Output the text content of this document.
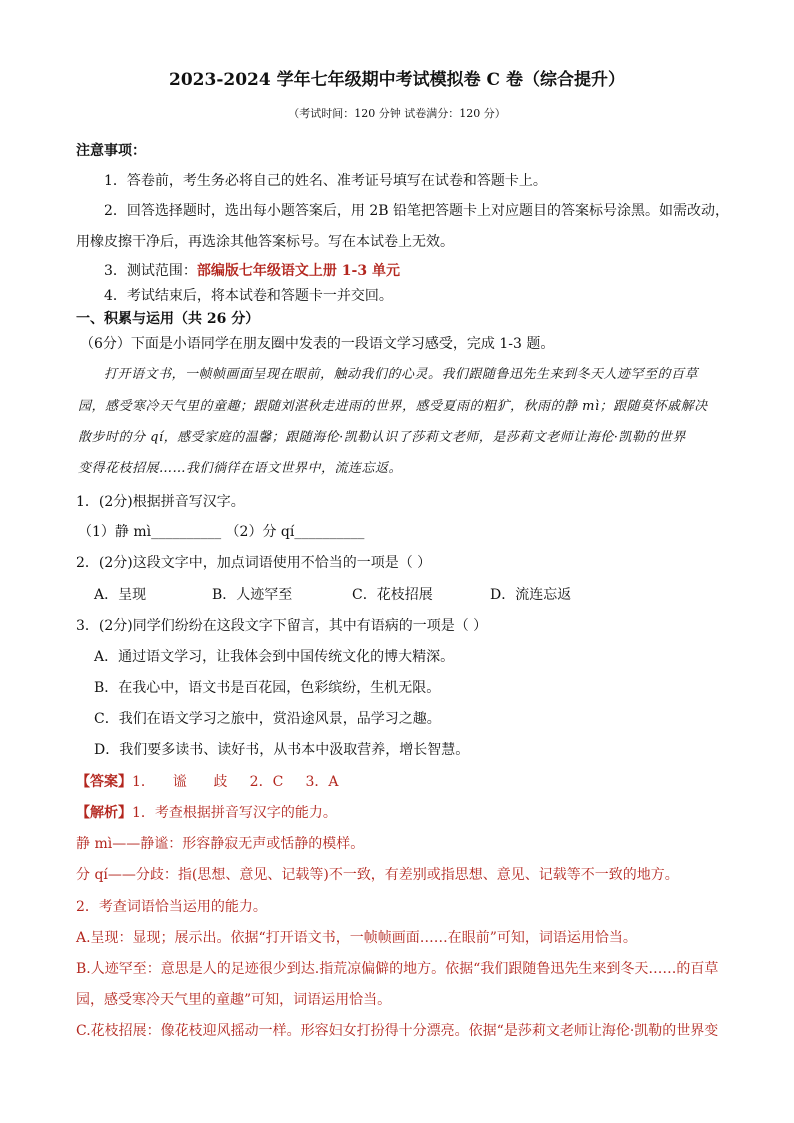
2023-2024 学年七年级期中考试模拟卷 C 卷（综合提升）
（考试时间：120 分钟 试卷满分：120 分）
注意事项：
1．答卷前，考生务必将自己的姓名、准考证号填写在试卷和答题卡上。
2．回答选择题时，选出每小题答案后，用 2B 铅笔把答题卡上对应题目的答案标号涂黑。如需改动，
用橡皮擦干净后，再选涂其他答案标号。写在本试卷上无效。
3．测试范围：部编版七年级语文上册 1-3 单元
4．考试结束后，将本试卷和答题卡一并交回。
一、积累与运用（共 26 分）
（6分）下面是小语同学在朋友圈中发表的一段语文学习感受，完成 1-3 题。
打开语文书，一帧帧画面呈现在眼前，触动我们的心灵。我们跟随鲁迅先生来到冬天人迹罕至的百草
园，感受寒冷天气里的童趣；跟随刘湛秋走进雨的世界，感受夏雨的粗犷，秋雨的静 mì；跟随莫怀戚解决
散步时的分 qí，感受家庭的温馨；跟随海伦·凯勒认识了莎莉文老师，是莎莉文老师让海伦·凯勒的世界
变得花枝招展……我们徜徉在语文世界中，流连忘返。
1．(2分)根据拼音写汉字。
（1）静 mì__________ （2）分 qí__________
2．(2分)这段文字中，加点词语使用不恰当的一项是（ ）
A．呈现	B．人迹罕至	C．花枝招展	D．流连忘返
3．(2分)同学们纷纷在这段文字下留言，其中有语病的一项是（ ）
A．通过语文学习，让我体会到中国传统文化的博大精深。
B．在我心中，语文书是百花园，色彩缤纷，生机无限。
C．我们在语文学习之旅中，赏沿途风景，品学习之趣。
D．我们要多读书、读好书，从书本中汲取营养，增长智慧。
【答案】1．    谧      歧     2．C     3．A
【解析】1．考查根据拼音写汉字的能力。
静 mì——静谧：形容静寂无声或恬静的模样。
分 qí——分歧：指(思想、意见、记载等)不一致，有差别或指思想、意见、记载等不一致的地方。
2．考查词语恰当运用的能力。
A.呈现：显现；展示出。依据“打开语文书，一帧帧画面……在眼前”可知，词语运用恰当。
B.人迹罕至：意思是人的足迹很少到达.指荒凉偏僻的地方。依据“我们跟随鲁迅先生来到冬天……的百草
园，感受寒冷天气里的童趣”可知，词语运用恰当。
C.花枝招展：像花枝迎风摇动一样。形容妇女打扮得十分漂亮。依据“是莎莉文老师让海伦·凯勒的世界变
